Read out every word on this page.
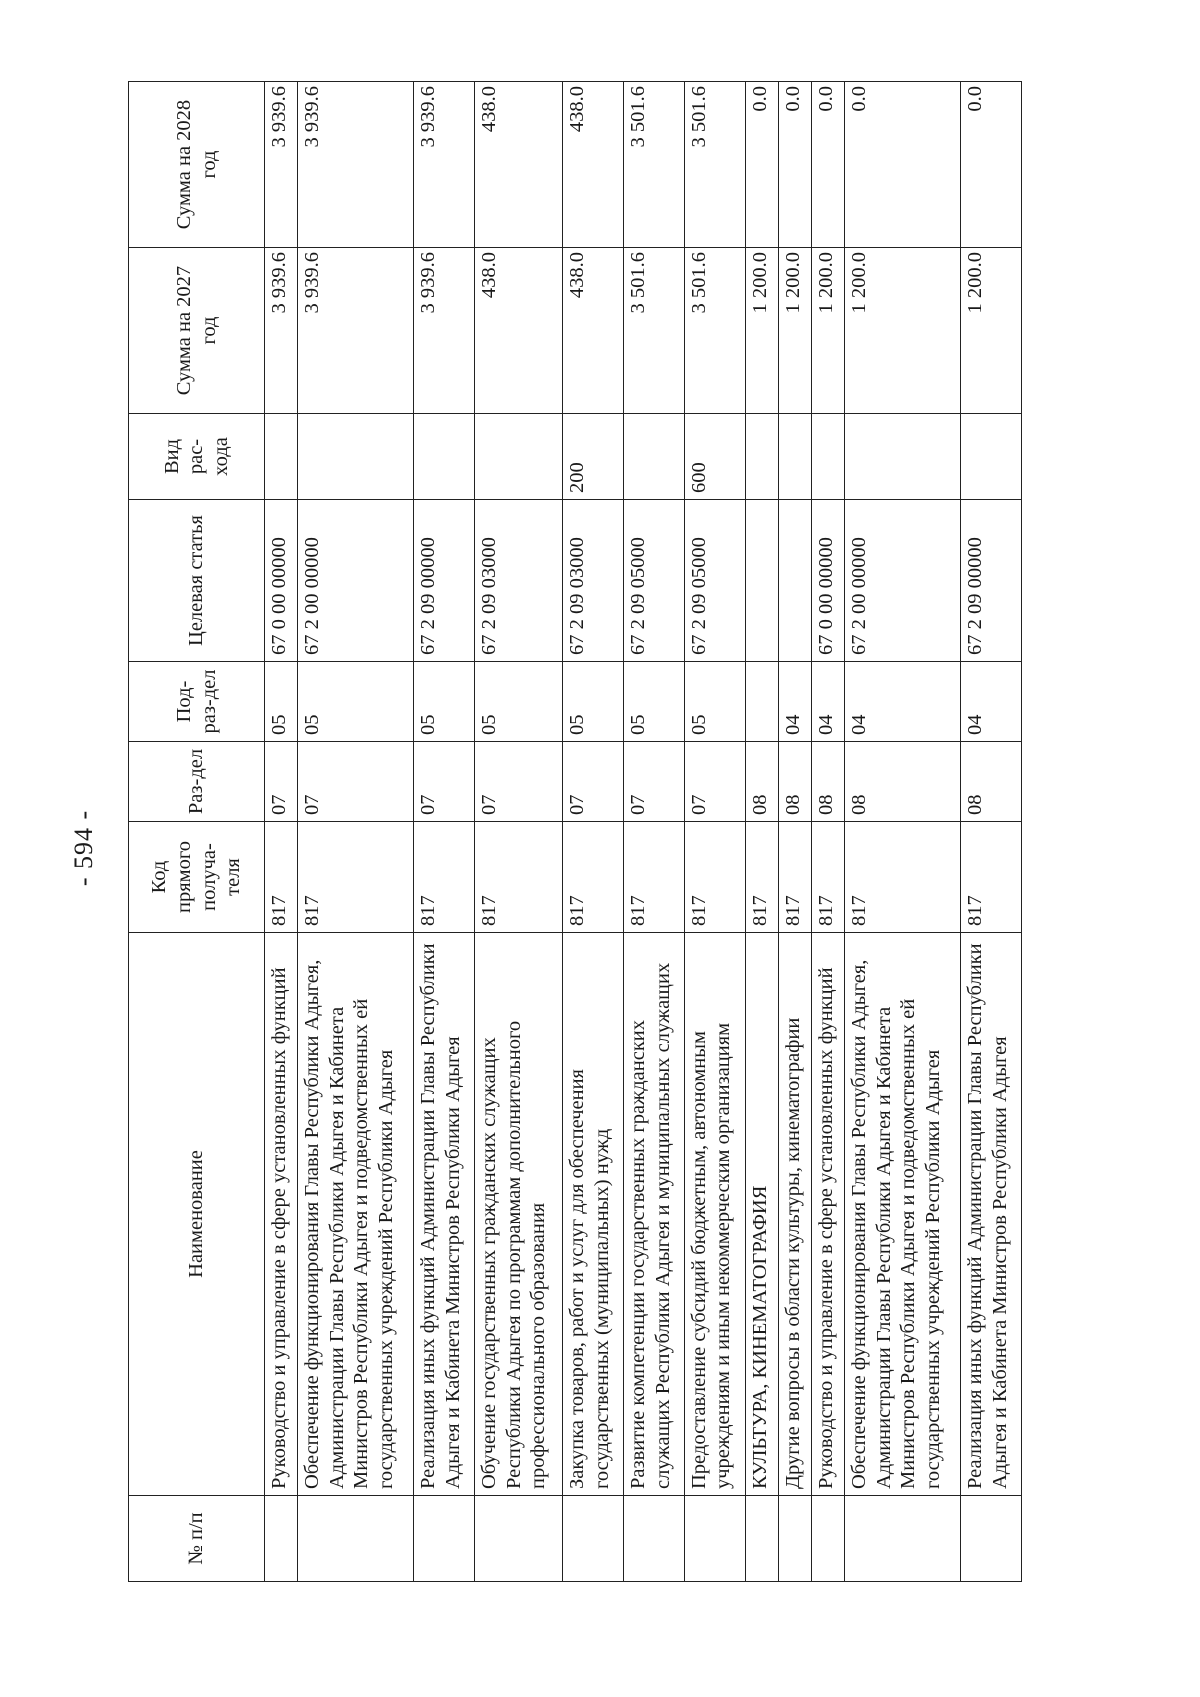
- 594 -
№ п/п	Наименование	Код прямого получа-теля	Раз-дел	Под-раз-дел	Целевая статья	Вид рас-хода	Сумма на 2027 год	Сумма на 2028 год
	Руководство и управление в сфере установленных функций	817	07	05	67 0 00 00000		3 939.6	3 939.6
	Обеспечение функционирования Главы Республики Адыгея, Администрации Главы Республики Адыгея и Кабинета Министров Республики Адыгея и подведомственных ей государственных учреждений Республики Адыгея	817	07	05	67 2 00 00000		3 939.6	3 939.6
	Реализация иных функций Администрации Главы Республики Адыгея и Кабинета Министров Республики Адыгея	817	07	05	67 2 09 00000		3 939.6	3 939.6
	Обучение государственных гражданских служащих Республики Адыгея по программам дополнительного профессионального образования	817	07	05	67 2 09 03000		438.0	438.0
	Закупка товаров, работ и услуг для обеспечения государственных (муниципальных) нужд	817	07	05	67 2 09 03000	200	438.0	438.0
	Развитие компетенции государственных гражданских служащих Республики Адыгея и муниципальных служащих	817	07	05	67 2 09 05000		3 501.6	3 501.6
	Предоставление субсидий бюджетным, автономным учреждениям и иным некоммерческим организациям	817	07	05	67 2 09 05000	600	3 501.6	3 501.6
	КУЛЬТУРА, КИНЕМАТОГРАФИЯ	817	08				1 200.0	0.0
	Другие вопросы в области культуры, кинематографии	817	08	04			1 200.0	0.0
	Руководство и управление в сфере установленных функций	817	08	04	67 0 00 00000		1 200.0	0.0
	Обеспечение функционирования Главы Республики Адыгея, Администрации Главы Республики Адыгея и Кабинета Министров Республики Адыгея и подведомственных ей государственных учреждений Республики Адыгея	817	08	04	67 2 00 00000		1 200.0	0.0
	Реализация иных функций Администрации Главы Республики Адыгея и Кабинета Министров Республики Адыгея	817	08	04	67 2 09 00000		1 200.0	0.0
